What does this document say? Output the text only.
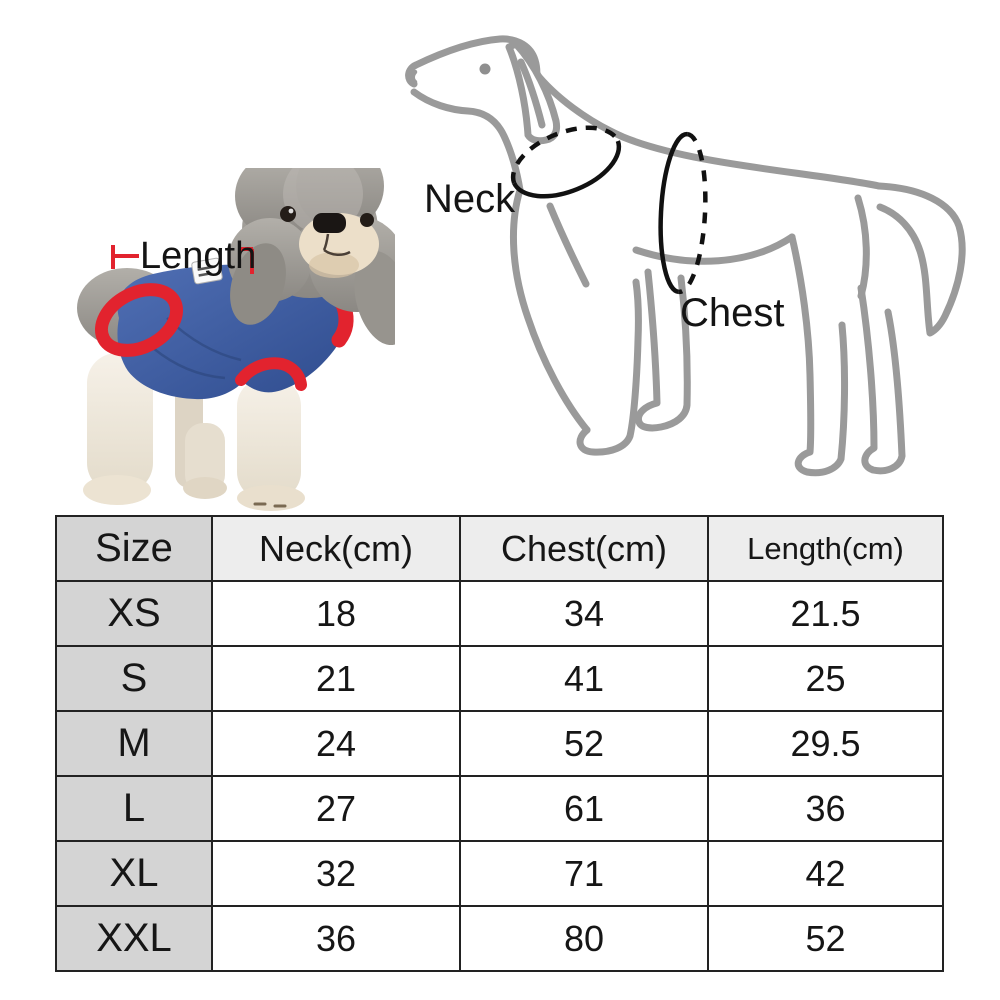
Length
Neck
Chest
Size	Neck(cm)	Chest(cm)	Length(cm)
XS	18	34	21.5
S	21	41	25
M	24	52	29.5
L	27	61	36
XL	32	71	42
XXL	36	80	52
